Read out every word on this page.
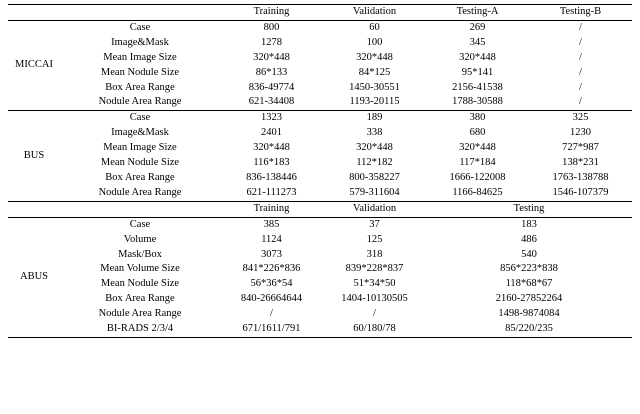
		Training	Validation	Testing-A	Testing-B
MICCAI	Case	800	60	269	/
	Image&Mask	1278	100	345	/
	Mean Image Size	320*448	320*448	320*448	/
	Mean Nodule Size	86*133	84*125	95*141	/
	Box Area Range	836-49774	1450-30551	2156-41538	/
	Nodule Area Range	621-34408	1193-20115	1788-30588	/
BUS	Case	1323	189	380	325
	Image&Mask	2401	338	680	1230
	Mean Image Size	320*448	320*448	320*448	727*987
	Mean Nodule Size	116*183	112*182	117*184	138*231
	Box Area Range	836-138446	800-358227	1666-122008	1763-138788
	Nodule Area Range	621-111273	579-311604	1166-84625	1546-107379
		Training	Validation	Testing	
ABUS	Case	385	37	183	
	Volume	1124	125	486	
	Mask/Box	3073	318	540	
	Mean Volume Size	841*226*836	839*228*837	856*223*838	
	Mean Nodule Size	56*36*54	51*34*50	118*68*67	
	Box Area Range	840-26664644	1404-10130505	2160-27852264	
	Nodule Area Range	/	/	1498-9874084	
	BI-RADS 2/3/4	671/1611/791	60/180/78	85/220/235	
